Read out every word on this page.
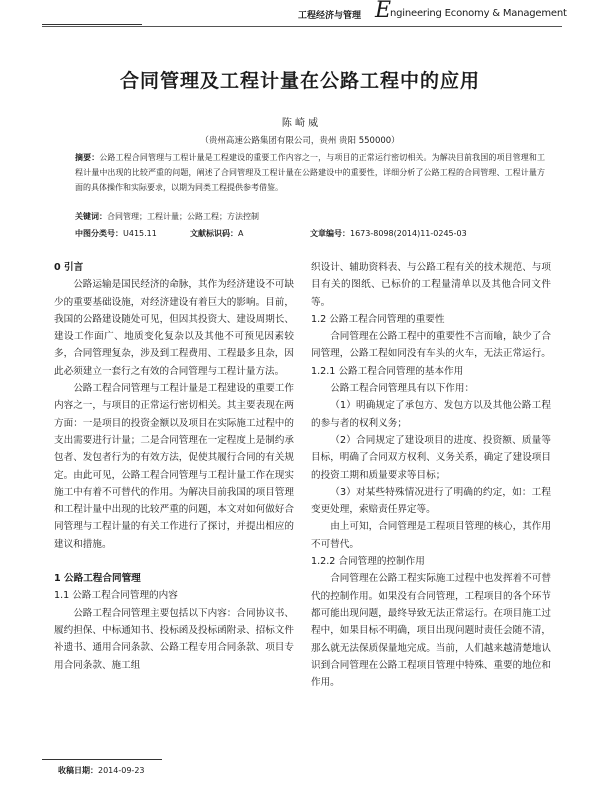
工程经济与管理 E
ngineering Economy & Management
合同管理及工程计量在公路工程中的应用
陈 崎 威
（贵州高速公路集团有限公司，贵州 贵阳 550000）
摘要：公路工程合同管理与工程计量是工程建设的重要工作内容之一，与项目的正常运行密切相关。为解决目前我国的项目管理和工程计量中出现的比较严重的问题，阐述了合同管理及工程计量在公路建设中的重要性，详细分析了公路工程的合同管理、工程计量方面的具体操作和实际要求，以期为同类工程提供参考借鉴。
关键词：合同管理；工程计量；公路工程；方法控制
中图分类号：U415.11	文献标识码：A	文章编号：1673-8098(2014)11-0245-03

0 引言

公路运输是国民经济的命脉，其作为经济建设不可缺少的重要基础设施，对经济建设有着巨大的影响。目前，我国的公路建设随处可见，但因其投资大、建设周期长、建设工作面广、地质变化复杂以及其他不可预见因素较多，合同管理复杂，涉及到工程费用、工程最多且杂，因此必须建立一套行之有效的合同管理与工程计量方法。

公路工程合同管理与工程计量是工程建设的重要工作内容之一，与项目的正常运行密切相关。其主要表现在两方面：一是项目的投资金额以及项目在实际施工过程中的支出需要进行计量；二是合同管理在一定程度上是制约承包者、发包者行为的有效方法，促使其履行合同的有关规定。由此可见，公路工程合同管理与工程计量工作在现实施工中有着不可替代的作用。为解决目前我国的项目管理和工程计量中出现的比较严重的问题，本文对如何做好合同管理与工程计量的有关工作进行了探讨，并提出相应的建议和措施。

1 公路工程合同管理

1.1 公路工程合同管理的内容

公路工程合同管理主要包括以下内容：合同协议书、履约担保、中标通知书、投标函及投标函附录、招标文件补遗书、通用合同条款、公路工程专用合同条款、项目专用合同条款、施工组

织设计、辅助资料表、与公路工程有关的技术规范、与项目有关的图纸、已标价的工程量清单以及其他合同文件等。

1.2 公路工程合同管理的重要性

合同管理在公路工程中的重要性不言而喻，缺少了合同管理，公路工程如同没有车头的火车，无法正常运行。

1.2.1 公路工程合同管理的基本作用

公路工程合同管理具有以下作用：

（1）明确规定了承包方、发包方以及其他公路工程的参与者的权利义务；

（2）合同规定了建设项目的进度、投资额、质量等目标，明确了合同双方权利、义务关系，确定了建设项目的投资工期和质量要求等目标；

（3）对某些特殊情况进行了明确的约定，如：工程变更处理，索赔责任界定等。

由上可知，合同管理是工程项目管理的核心，其作用不可替代。

1.2.2 合同管理的控制作用

合同管理在公路工程实际施工过程中也发挥着不可替代的控制作用。如果没有合同管理，工程项目的各个环节都可能出现问题，最终导致无法正常运行。在项目施工过程中，如果目标不明确，项目出现问题时责任会随不清，那么就无法保质保量地完成。当前，人们越来越清楚地认识到合同管理在公路工程项目管理中特殊、重要的地位和作用。

收稿日期：2014-09-23
